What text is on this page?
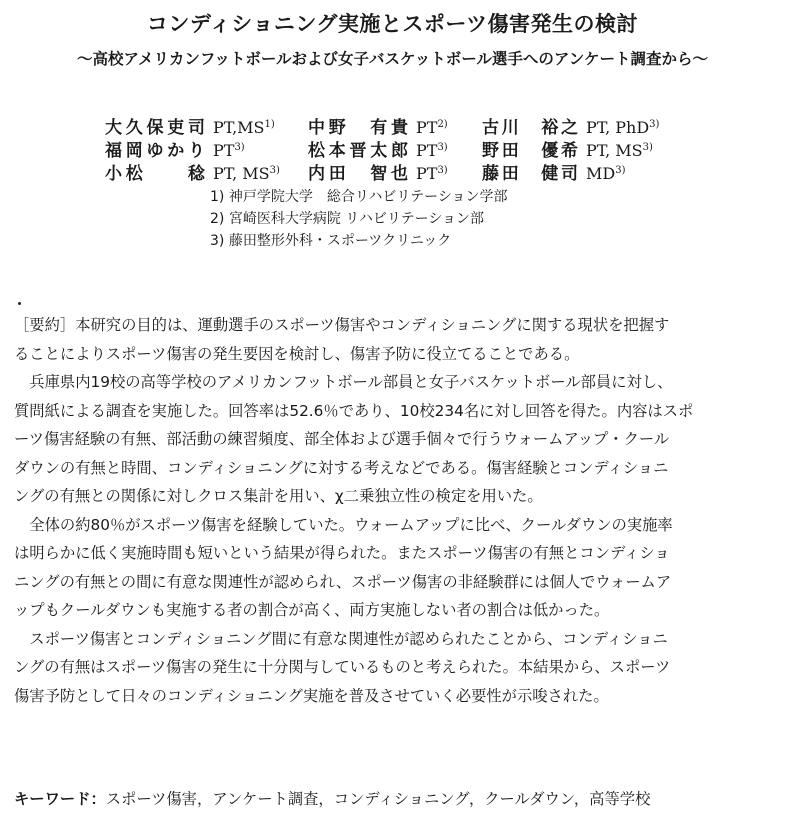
コンディショニング実施とスポーツ傷害発生の検討
～高校アメリカンフットボールおよび女子バスケットボール選手へのアンケート調査から～
大久保吏司 PT,MS$^{1)}$ 中野　有貴 PT$^{2)}$ 古川　裕之 PT, PhD$^{3)}$
福岡ゆかり PT$^{3)}$	松本晋太郎 PT$^{3)}$ 野田　優希 PT, MS$^{3)}$
小松　　稔 PT, MS$^{3)}$ 内田　智也 PT$^{3)}$ 藤田　健司 MD$^{3)}$
1) 神戸学院大学　総合リハビリテーション学部
2) 宮崎医科大学病院 リハビリテーション部
3) 藤田整形外科・スポーツクリニック
［要約］本研究の目的は、運動選手のスポーツ傷害やコンディショニングに関する現状を把握す
ることによりスポーツ傷害の発生要因を検討し、傷害予防に役立てることである。
　兵庫県内19校の高等学校のアメリカンフットボール部員と女子バスケットボール部員に対し、
質問紙による調査を実施した。回答率は52.6％であり、10校234名に対し回答を得た。内容はスポ
ーツ傷害経験の有無、部活動の練習頻度、部全体および選手個々で行うウォームアップ・クール
ダウンの有無と時間、コンディショニングに対する考えなどである。傷害経験とコンディショニ
ングの有無との関係に対しクロス集計を用い、χ二乗独立性の検定を用いた。
　全体の約80％がスポーツ傷害を経験していた。ウォームアップに比べ、クールダウンの実施率
は明らかに低く実施時間も短いという結果が得られた。またスポーツ傷害の有無とコンディショ
ニングの有無との間に有意な関連性が認められ、スポーツ傷害の非経験群には個人でウォームア
ップもクールダウンも実施する者の割合が高く、両方実施しない者の割合は低かった。
　スポーツ傷害とコンディショニング間に有意な関連性が認められたことから、コンディショニ
ングの有無はスポーツ傷害の発生に十分関与しているものと考えられた。本結果から、スポーツ
傷害予防として日々のコンディショニング実施を普及させていく必要性が示唆された。
キーワード：スポーツ傷害，アンケート調査，コンディショニング，クールダウン，高等学校
